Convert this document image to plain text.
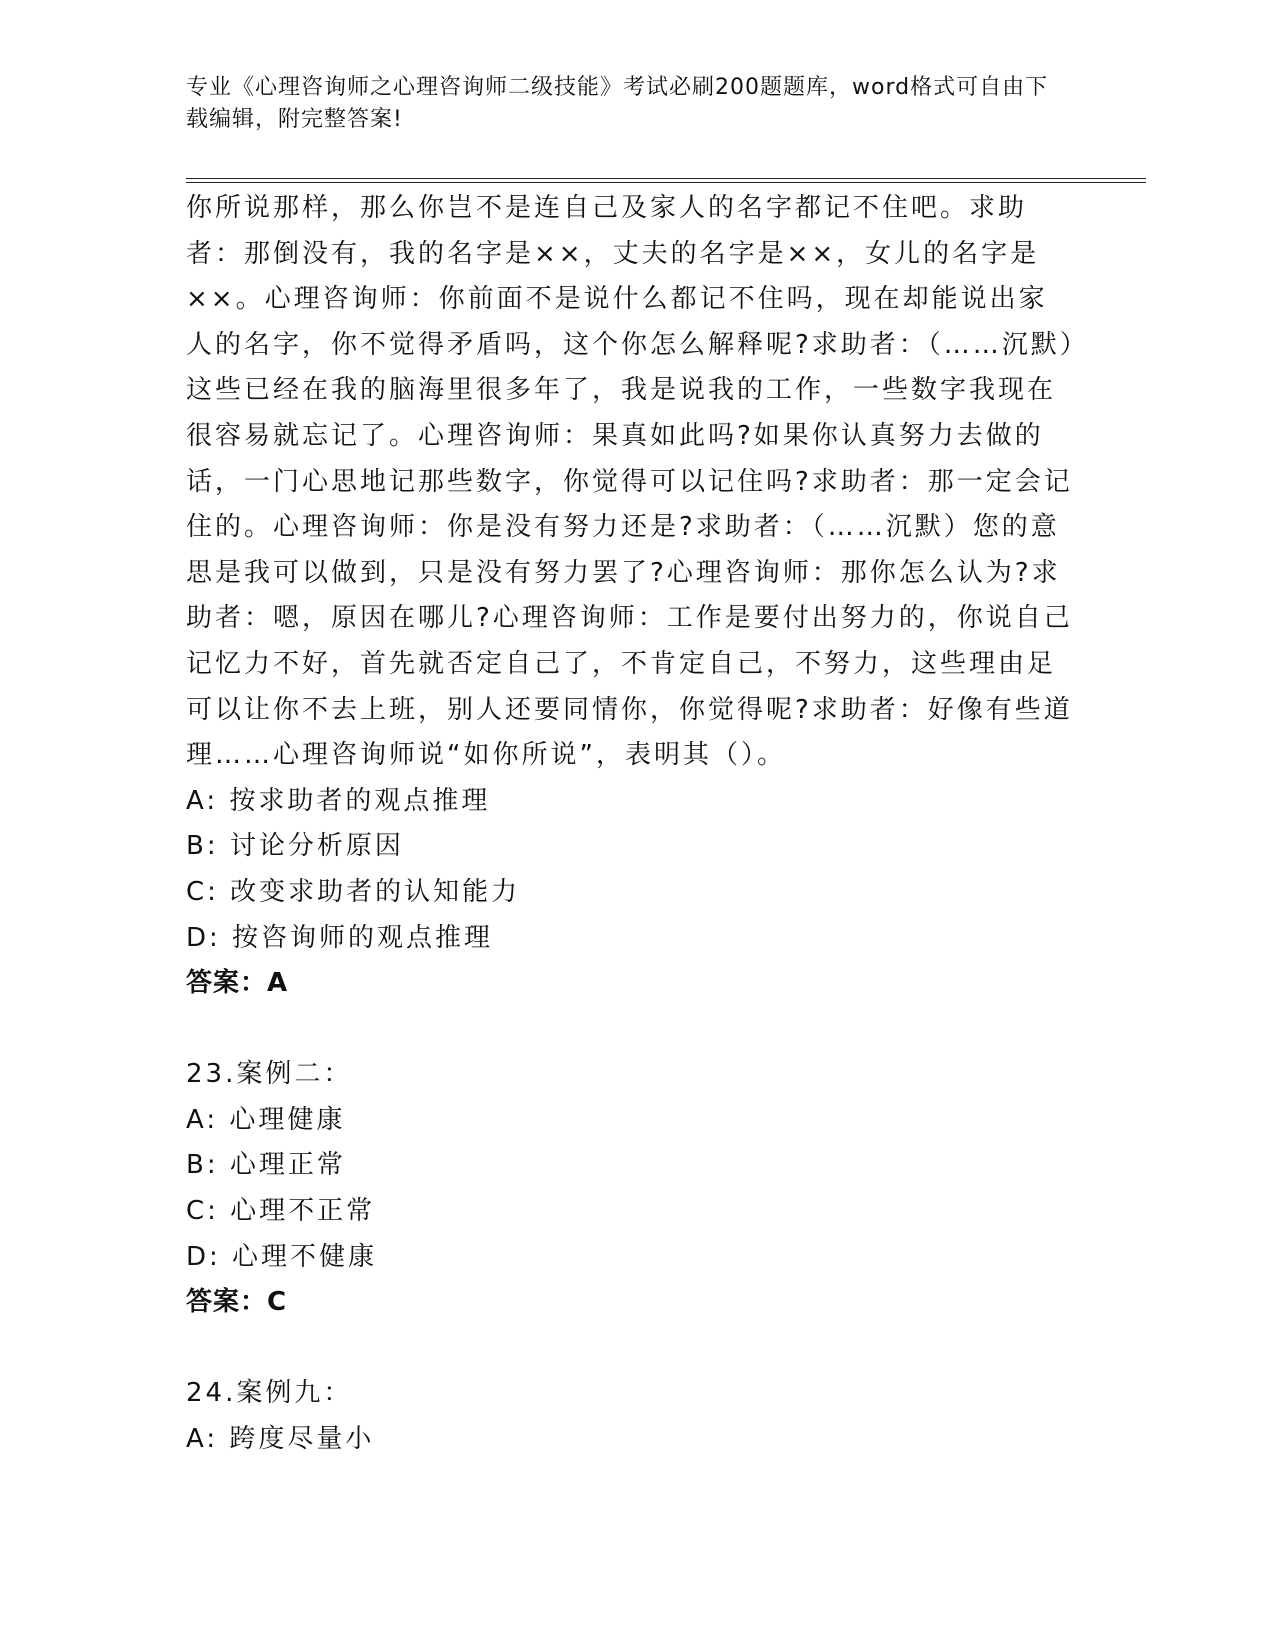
专业《心理咨询师之心理咨询师二级技能》考试必刷200题题库，word格式可自由下载编辑，附完整答案!

你所说那样，那么你岂不是连自己及家人的名字都记不住吧。求助者：那倒没有，我的名字是××，丈夫的名字是××，女儿的名字是××。心理咨询师：你前面不是说什么都记不住吗，现在却能说出家人的名字，你不觉得矛盾吗，这个你怎么解释呢?求助者：（……沉默）这些已经在我的脑海里很多年了，我是说我的工作，一些数字我现在很容易就忘记了。心理咨询师：果真如此吗?如果你认真努力去做的话，一门心思地记那些数字，你觉得可以记住吗?求助者：那一定会记住的。心理咨询师：你是没有努力还是?求助者：（……沉默）您的意思是我可以做到，只是没有努力罢了?心理咨询师：那你怎么认为?求助者：嗯，原因在哪儿?心理咨询师：工作是要付出努力的，你说自己记忆力不好，首先就否定自己了，不肯定自己，不努力，这些理由足可以让你不去上班，别人还要同情你，你觉得呢?求助者：好像有些道理……心理咨询师说“如你所说”，表明其（）。

A: 按求助者的观点推理
B: 讨论分析原因
C: 改变求助者的认知能力
D: 按咨询师的观点推理
答案：A
23.案例二：
A: 心理健康
B: 心理正常
C: 心理不正常
D: 心理不健康
答案：C
24.案例九：
A: 跨度尽量小
